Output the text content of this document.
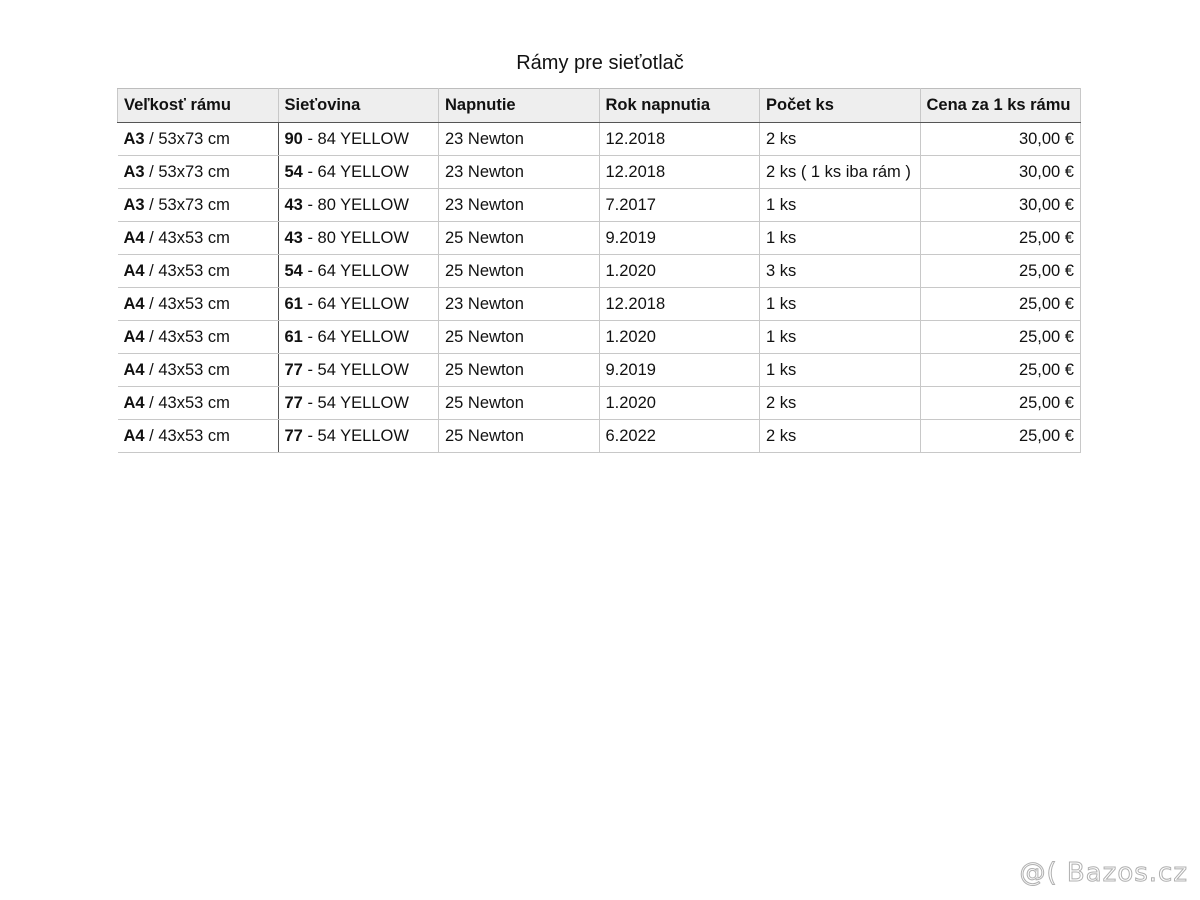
Rámy pre sieťotlač
Veľkosť rámu	Sieťovina	Napnutie	Rok napnutia	Počet ks	Cena za 1 ks rámu
A3 / 53x73 cm	90 - 84 YELLOW	23 Newton	12.2018	2 ks	30,00 €
A3 / 53x73 cm	54 - 64 YELLOW	23 Newton	12.2018	2 ks ( 1 ks iba rám )	30,00 €
A3 / 53x73 cm	43 - 80 YELLOW	23 Newton	7.2017	1 ks	30,00 €
A4 / 43x53 cm	43 - 80 YELLOW	25 Newton	9.2019	1 ks	25,00 €
A4 / 43x53 cm	54 - 64 YELLOW	25 Newton	1.2020	3 ks	25,00 €
A4 / 43x53 cm	61 - 64 YELLOW	23 Newton	12.2018	1 ks	25,00 €
A4 / 43x53 cm	61 - 64 YELLOW	25 Newton	1.2020	1 ks	25,00 €
A4 / 43x53 cm	77 - 54 YELLOW	25 Newton	9.2019	1 ks	25,00 €
A4 / 43x53 cm	77 - 54 YELLOW	25 Newton	1.2020	2 ks	25,00 €
A4 / 43x53 cm	77 - 54 YELLOW	25 Newton	6.2022	2 ks	25,00 €
@( Bazos.cz
